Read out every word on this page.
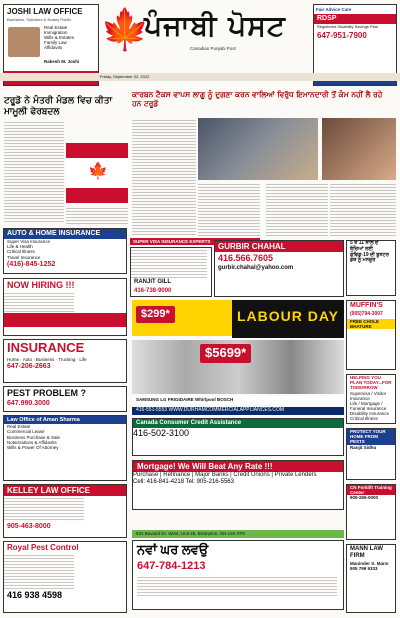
JOSHI LAW OFFICE
Barristers, Solicitors & Notary Public
Real Estate
Immigration
Wills & Estates
Family Law
Affidavits
Rakesh M. Joshi
🍁
ਪੰਜਾਬੀ ਪੋਸਟ
Canadian Punjabi Post
Fair Advice Care
RDSP
Registered Disability Savings Plan
647-951-7900
Friday, September 02, 2022
ਟਰੂਡੋ ਨੇ ਮੰਤਰੀ ਮੰਡਲ ਵਿਚ ਕੀਤਾ ਮਾਮੂਲੀ ਫੇਰਬਦਲ
ਕਾਰਬਨ ਟੈਕਸ ਵਾਪਸ ਲਾਗੂ ਨੂੰ ਦੁਗਣਾ ਕਰਨ ਵਾਲਿਆਂ ਵਿਰੁੱਧ ਇਮਾਨਦਾਰੀ ਤੋਂ ਕੰਮ ਨਹੀਂ ਲੈ ਰਹੇ ਹਨ ਟਰੂਡੋ
🍁
AUTO & HOME INSURANCE
Super Visa Insurance
Life & Health
Critical Illness
Travel Insurance
(416)-845-1252
NOW HIRING !!!
416.994.7272
INSURANCE
Home · Auto · Business · Trucking · Life
647-206-2663
PEST PROBLEM ?
647.990.3000
Law Office of Aman Sharma
Real Estate
Commercial Lease
Business Purchase & Sale
Notarizations & Affidavits
Wills & Power Of Attorney
KELLEY LAW OFFICE
905-463-8000
Royal Pest Control
416 938 4598
SUPER VISA INSURANCE EXPERTS
RANJIT GILL
416-738-9000
GURBIR CHAHAL
416.566.7605
gurbir.chahal@yahoo.com
$299*	LABOUR DAY
$5699*
SAMSUNG LG FRIGIDAIRE Whirlpool BOSCH
416-551-5553 WWW.DURHAMCOMMERCIALAPPLIANCES.COM
Canada Consumer Credit Assistance
416-502-3100
Mortgage! We Will Beat Any Rate !!!
Purchase | Refinance | Major Banks | Credit Unions | Private Lenders
Cell: 416-841-4218 Tel: 905-216-5563
831 Bovaird Dr. West, Unit 25, Brampton, ON L6X 0T9
ਨਵਾਂ ਘਰ ਲਵਉ
647-784-1213
5 ਤੋਂ 11 ਸਾਲ ਦੇ ਬੱਚਿਆਂ ਲਈ ਕੋਵਿਡ-19 ਦੀ ਬੂਸਟਰ ਡੋਜ਼ ਨੂੰ ਮਨਜ਼ੂਰ
MUFFIN'S
(905)794-3007
FREE CHOLE BHATURE
HELPING YOU PLAN TODAY...FOR TOMORROW
Supervisa / Visitor Insurance
Life / Mortgage / Funeral Insurance
Disability Insurance
Critical Illness
PROTECT YOUR HOME FROM PESTS
Ranjit Sidhu
CN Forklift Training Center
905-265-0000
MANN LAW FIRM
Maninder S. Mann
905 799 9333
